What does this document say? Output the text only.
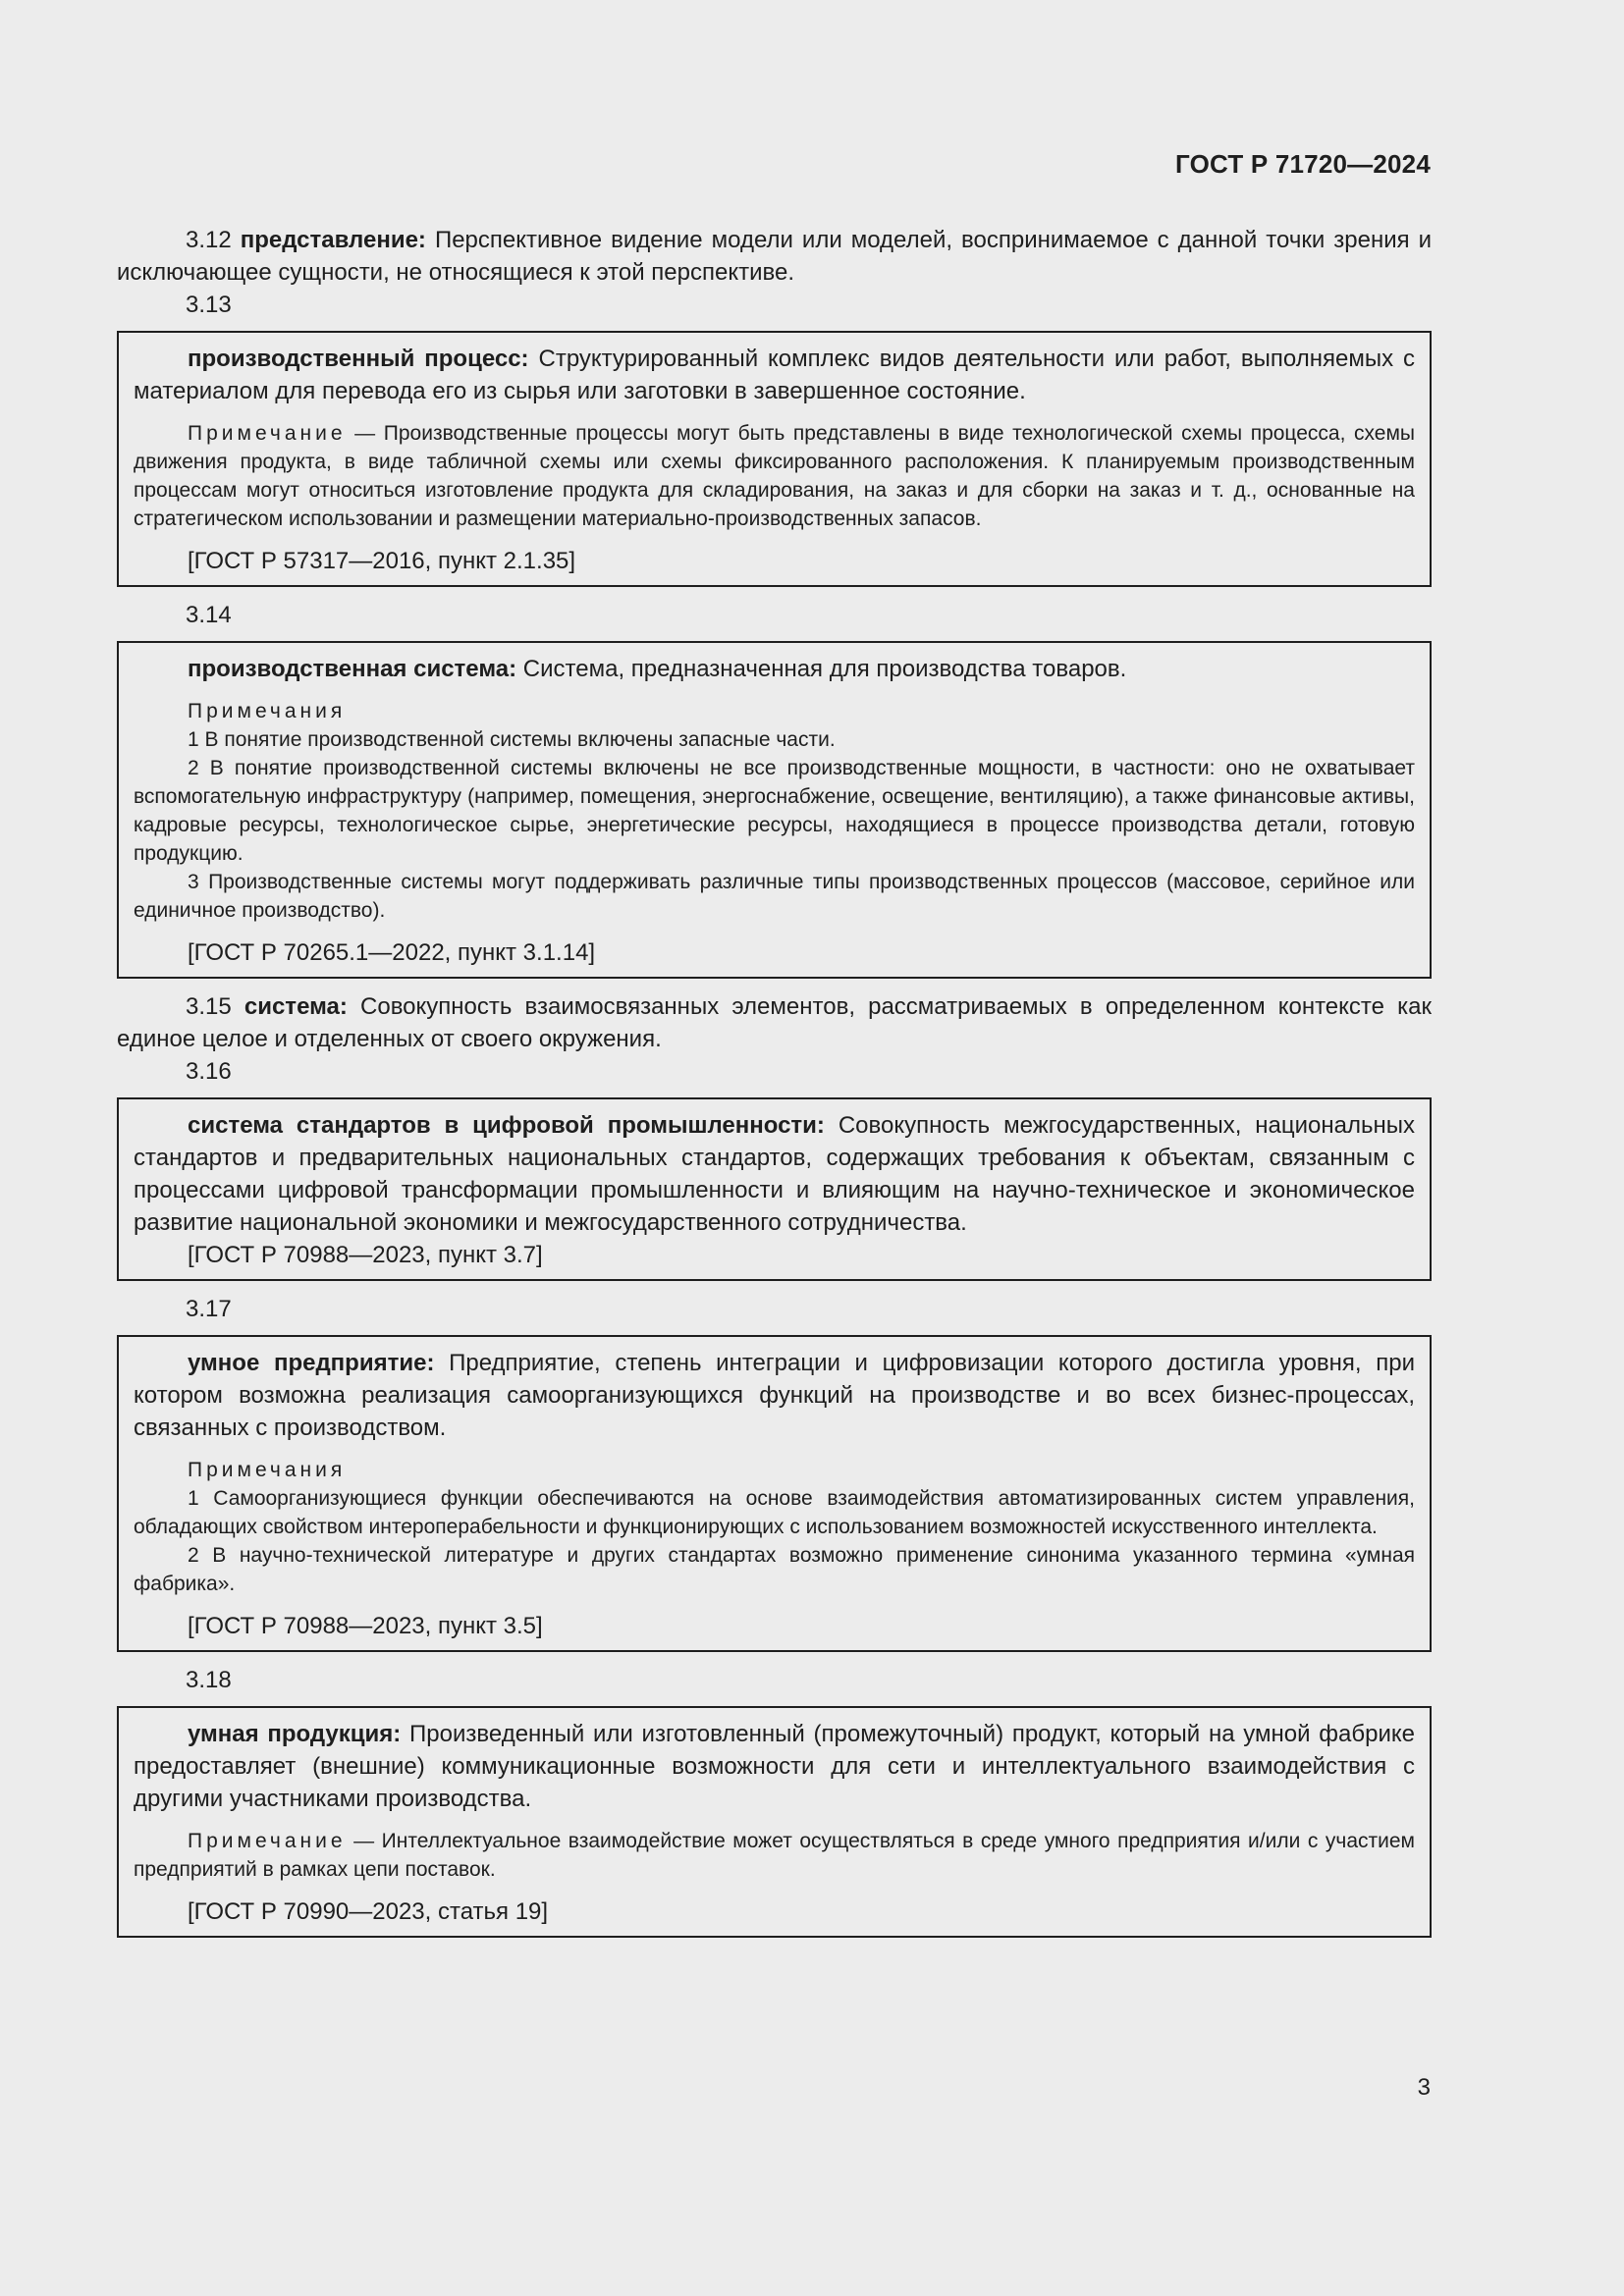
ГОСТ Р 71720—2024

3.12 представление: Перспективное видение модели или моделей, воспринимаемое с данной точки зрения и исключающее сущности, не относящиеся к этой перспективе.

3.13

производственный процесс: Структурированный комплекс видов деятельности или работ, выполняемых с материалом для перевода его из сырья или заготовки в завершенное состояние.

Примечание — Производственные процессы могут быть представлены в виде технологической схемы процесса, схемы движения продукта, в виде табличной схемы или схемы фиксированного расположения. К планируемым производственным процессам могут относиться изготовление продукта для складирования, на заказ и для сборки на заказ и т. д., основанные на стратегическом использовании и размещении материально-производственных запасов.

[ГОСТ Р 57317—2016, пункт 2.1.35]

3.14

производственная система: Система, предназначенная для производства товаров.

Примечания

1 В понятие производственной системы включены запасные части.

2 В понятие производственной системы включены не все производственные мощности, в частности: оно не охватывает вспомогательную инфраструктуру (например, помещения, энергоснабжение, освещение, вентиляцию), а также финансовые активы, кадровые ресурсы, технологическое сырье, энергетические ресурсы, находящиеся в процессе производства детали, готовую продукцию.

3 Производственные системы могут поддерживать различные типы производственных процессов (массовое, серийное или единичное производство).

[ГОСТ Р 70265.1—2022, пункт 3.1.14]

3.15 система: Совокупность взаимосвязанных элементов, рассматриваемых в определенном контексте как единое целое и отделенных от своего окружения.

3.16

система стандартов в цифровой промышленности: Совокупность межгосударственных, национальных стандартов и предварительных национальных стандартов, содержащих требования к объектам, связанным с процессами цифровой трансформации промышленности и влияющим на научно-техническое и экономическое развитие национальной экономики и межгосударственного сотрудничества.

[ГОСТ Р 70988—2023, пункт 3.7]

3.17

умное предприятие: Предприятие, степень интеграции и цифровизации которого достигла уровня, при котором возможна реализация самоорганизующихся функций на производстве и во всех бизнес-процессах, связанных с производством.

Примечания

1 Самоорганизующиеся функции обеспечиваются на основе взаимодействия автоматизированных систем управления, обладающих свойством интероперабельности и функционирующих с использованием возможностей искусственного интеллекта.

2 В научно-технической литературе и других стандартах возможно применение синонима указанного термина «умная фабрика».

[ГОСТ Р 70988—2023, пункт 3.5]

3.18

умная продукция: Произведенный или изготовленный (промежуточный) продукт, который на умной фабрике предоставляет (внешние) коммуникационные возможности для сети и интеллектуального взаимодействия с другими участниками производства.

Примечание — Интеллектуальное взаимодействие может осуществляться в среде умного предприятия и/или с участием предприятий в рамках цепи поставок.

[ГОСТ Р 70990—2023, статья 19]

3
